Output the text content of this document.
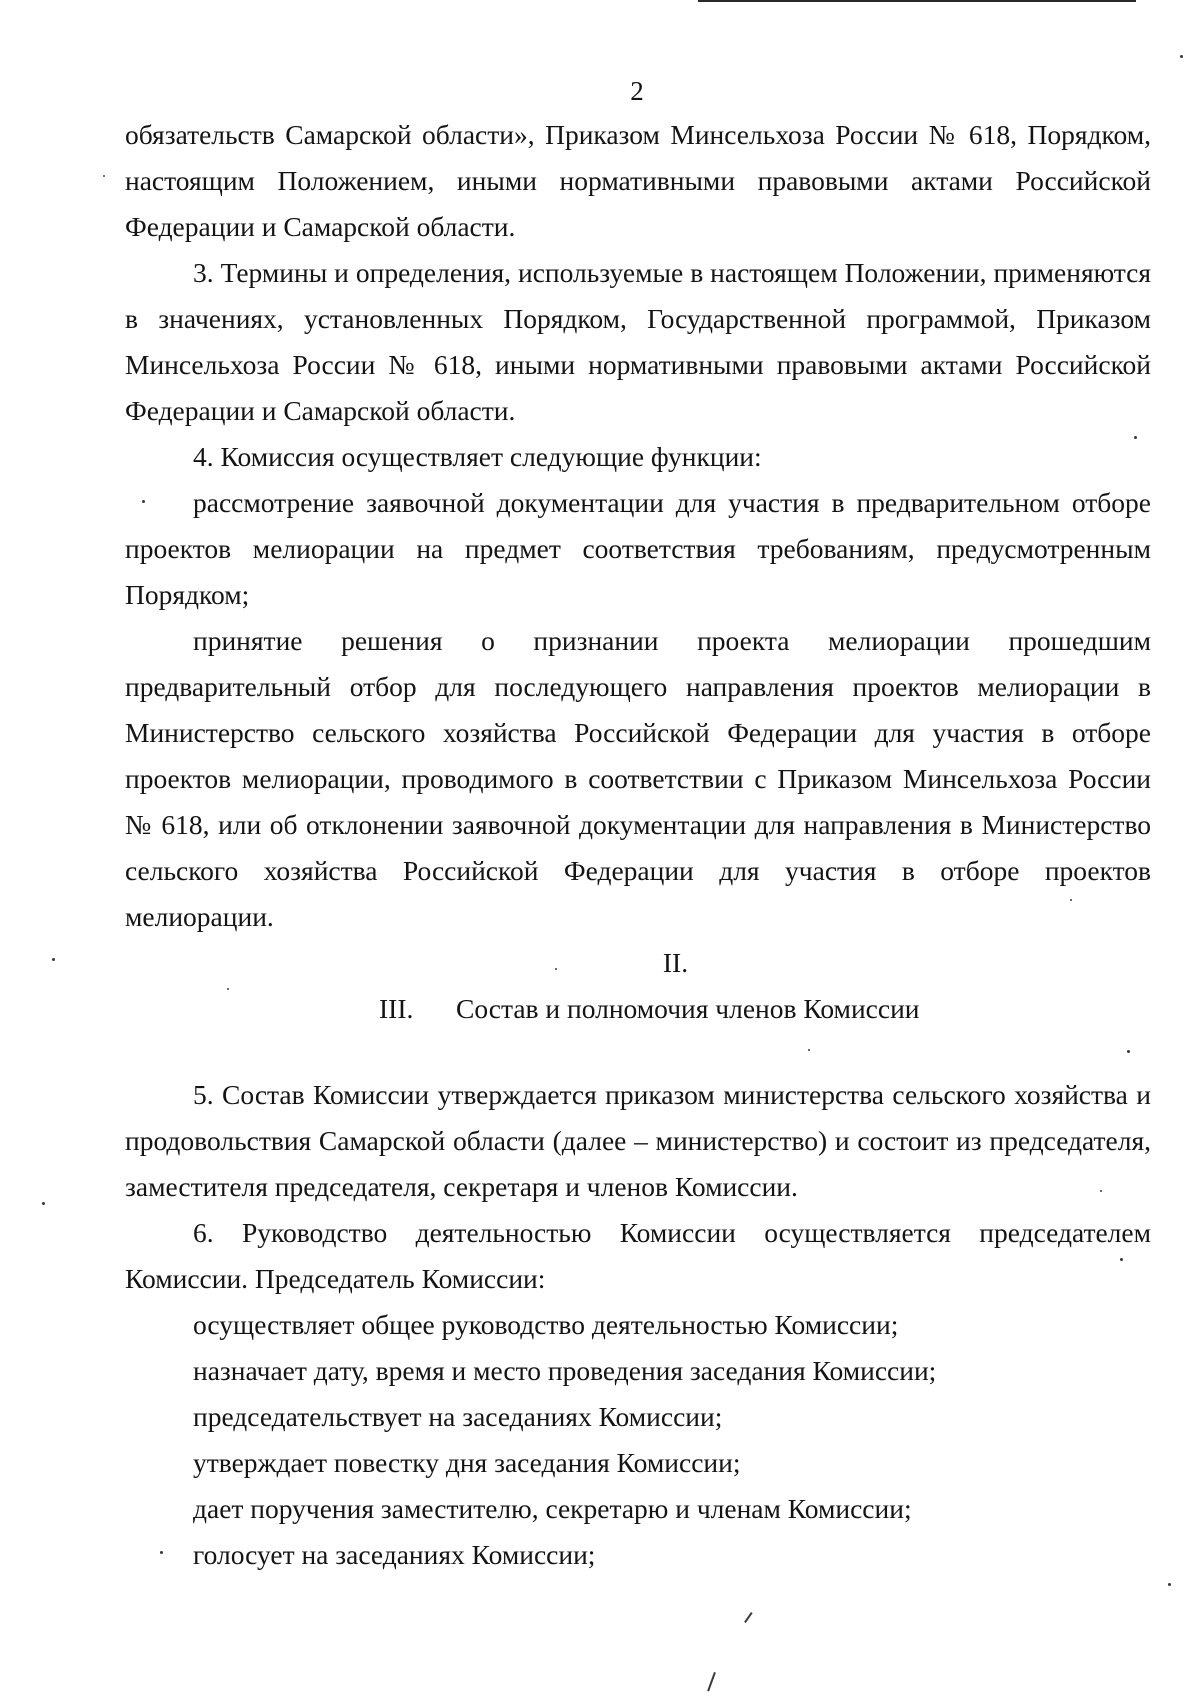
2

обязательств Самарской области», Приказом Минсельхоза России № 618, Порядком, настоящим Положением, иными нормативными правовыми актами Российской Федерации и Самарской области.

3. Термины и определения, используемые в настоящем Положении, применяются в значениях, установленных Порядком, Государственной программой, Приказом Минсельхоза России № 618, иными нормативными правовыми актами Российской Федерации и Самарской области.

4. Комиссия осуществляет следующие функции:

рассмотрение заявочной документации для участия в предварительном отборе проектов мелиорации на предмет соответствия требованиям, предусмотренным Порядком;

принятие решения о признании проекта мелиорации прошедшим предварительный отбор для последующего направления проектов мелиорации в Министерство сельского хозяйства Российской Федерации для участия в отборе проектов мелиорации, проводимого в соответствии с Приказом Минсельхоза России № 618, или об отклонении заявочной документации для направления в Министерство сельского хозяйства Российской Федерации для участия в отборе проектов мелиорации.

II.

III. Состав и полномочия членов Комиссии

5. Состав Комиссии утверждается приказом министерства сельского хозяйства и продовольствия Самарской области (далее – министерство) и состоит из председателя, заместителя председателя, секретаря и членов Комиссии.

6. Руководство деятельностью Комиссии осуществляется председателем Комиссии. Председатель Комиссии:

осуществляет общее руководство деятельностью Комиссии;

назначает дату, время и место проведения заседания Комиссии;

председательствует на заседаниях Комиссии;

утверждает повестку дня заседания Комиссии;

дает поручения заместителю, секретарю и членам Комиссии;

голосует на заседаниях Комиссии;
